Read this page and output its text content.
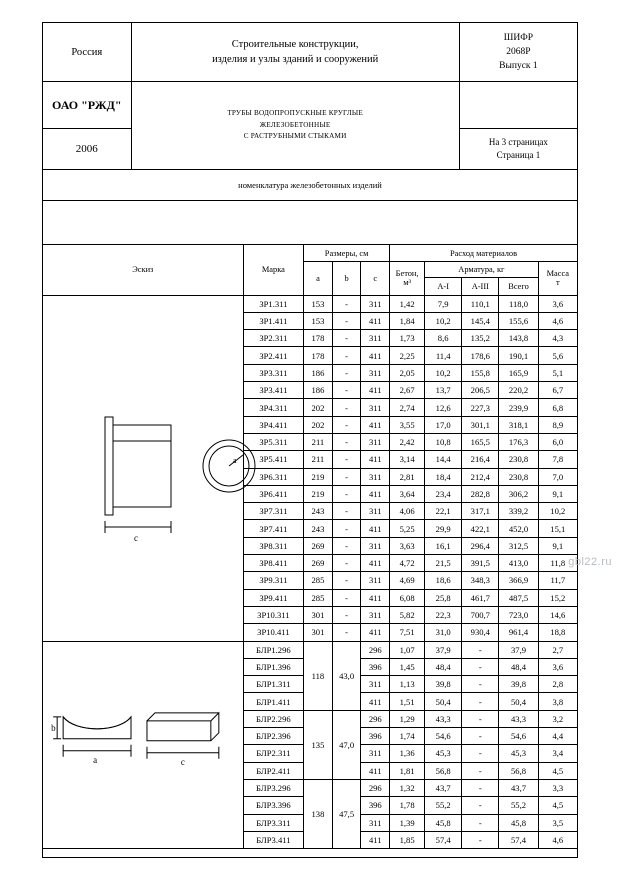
Россия	
Строительные конструкции,
изделия и узлы зданий и сооружений

ШИФР
2068Р
Выпуск 1

ОАО "РЖД"	ТРУБЫ ВОДОПРОПУСКНЫЕ КРУГЛЫЕ
ЖЕЛЕЗОБЕТОННЫЕ
С РАСТРУБНЫМИ СТЫКАМИ	

2006		На 3 страницах
Страница 1

номенклатура железобетонных изделий		
Эскиз	Марка	Размеры, см			Расход материалов				
a	b	c	Бетон,
м³
	Арматура, кг	Масса
т

						А-I	А-III	Всего	

c
a	ЗР1.311	153	-	311	1,42	7,9	110,1	118,0	3,6
	ЗР1.411	153	-	411	1,84	10,2	145,4	155,6	4,6
	ЗР2.311	178	-	311	1,73	8,6	135,2	143,8	4,3
	ЗР2.411	178	-	411	2,25	11,4	178,6	190,1	5,6
	ЗР3.311	186	-	311	2,05	10,2	155,8	165,9	5,1
	ЗР3.411	186	-	411	2,67	13,7	206,5	220,2	6,7
	ЗР4.311	202	-	311	2,74	12,6	227,3	239,9	6,8
	ЗР4.411	202	-	411	3,55	17,0	301,1	318,1	8,9
	ЗР5.311	211	-	311	2,42	10,8	165,5	176,3	6,0
	ЗР5.411	211	-	411	3,14	14,4	216,4	230,8	7,8
	ЗР6.311	219	-	311	2,81	18,4	212,4	230,8	7,0
	ЗР6.411	219	-	411	3,64	23,4	282,8	306,2	9,1
	ЗР7.311	243	-	311	4,06	22,1	317,1	339,2	10,2
	ЗР7.411	243	-	411	5,25	29,9	422,1	452,0	15,1
	ЗР8.311	269	-	311	3,63	16,1	296,4	312,5	9,1
	ЗР8.411	269	-	411	4,72	21,5	391,5	413,0	11,8
	ЗР9.311	285	-	311	4,69	18,6	348,3	366,9	11,7
	ЗР9.411	285	-	411	6,08	25,8	461,7	487,5	15,2
	ЗР10.311	301	-	311	5,82	22,3	700,7	723,0	14,6
	ЗР10.411	301	-	411	7,51	31,0	930,4	961,4	18,8

b
a c	БЛР1.296	118	43,0	296	1,07	37,9	-	37,9	2,7
	БЛР1.396			396	1,45	48,4	-	48,4	3,6
	БЛР1.311			311	1,13	39,8	-	39,8	2,8
	БЛР1.411			411	1,51	50,4	-	50,4	3,8
	БЛР2.296	135	47,0	296	1,29	43,3	-	43,3	3,2
	БЛР2.396			396	1,74	54,6	-	54,6	4,4
	БЛР2.311			311	1,36	45,3	-	45,3	3,4
	БЛР2.411			411	1,81	56,8	-	56,8	4,5
	БЛР3.296	138	47,5	296	1,32	43,7	-	43,7	3,3
	БЛР3.396			396	1,78	55,2	-	55,2	4,5
	БЛР3.311			311	1,39	45,8	-	45,8	3,5
	БЛР3.411			411	1,85	57,4	-	57,4	4,6
gbl22.ru
